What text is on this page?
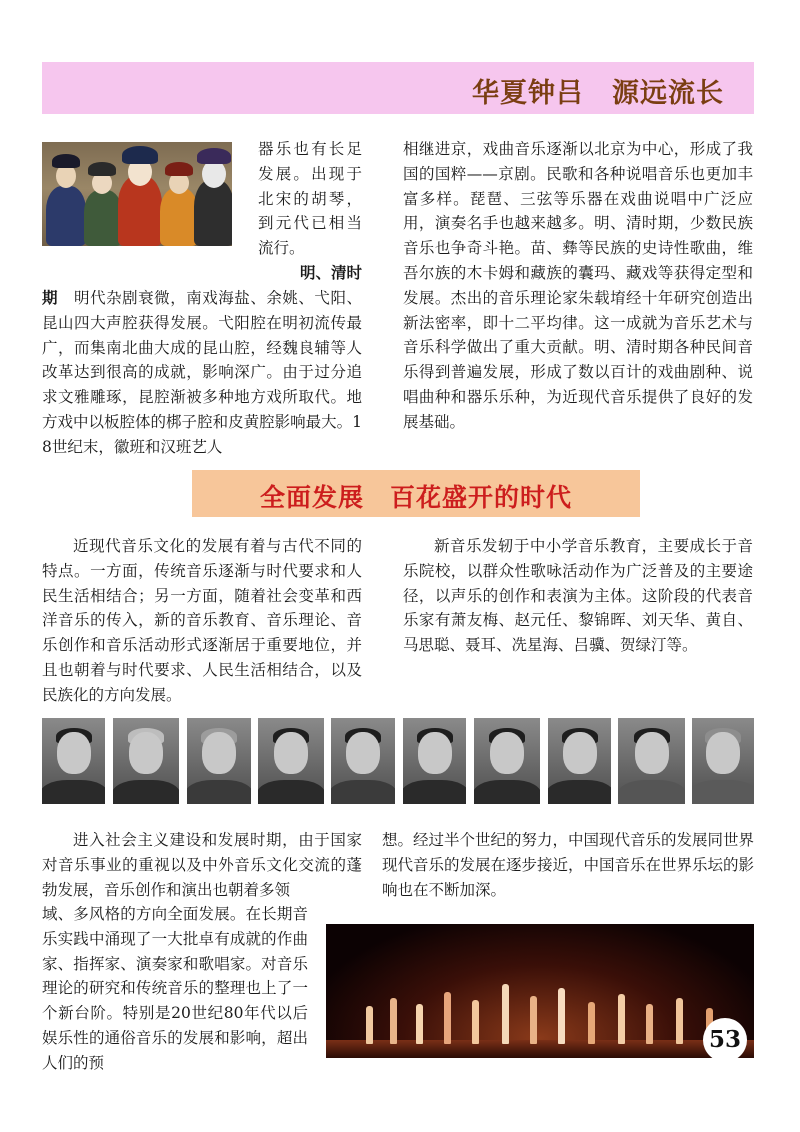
华夏钟吕　源远流长

器乐也有长足发展。出现于北宋的胡琴，到元代已相当流行。

明、清时

期  明代杂剧衰微，南戏海盐、余姚、弋阳、昆山四大声腔获得发展。弋阳腔在明初流传最广，而集南北曲大成的昆山腔，经魏良辅等人改革达到很高的成就，影响深广。由于过分追求文雅雕琢，昆腔渐被多种地方戏所取代。地方戏中以板腔体的梆子腔和皮黄腔影响最大。18世纪末，徽班和汉班艺人

相继进京，戏曲音乐逐渐以北京为中心，形成了我国的国粹——京剧。民歌和各种说唱音乐也更加丰富多样。琵琶、三弦等乐器在戏曲说唱中广泛应用，演奏名手也越来越多。明、清时期，少数民族音乐也争奇斗艳。苗、彝等民族的史诗性歌曲，维吾尔族的木卡姆和藏族的囊玛、藏戏等获得定型和发展。杰出的音乐理论家朱载堉经十年研究创造出新法密率，即十二平均律。这一成就为音乐艺术与音乐科学做出了重大贡献。明、清时期各种民间音乐得到普遍发展，形成了数以百计的戏曲剧种、说唱曲种和器乐乐种，为近现代音乐提供了良好的发展基础。

全面发展　百花盛开的时代

近现代音乐文化的发展有着与古代不同的特点。一方面，传统音乐逐渐与时代要求和人民生活相结合；另一方面，随着社会变革和西洋音乐的传入，新的音乐教育、音乐理论、音乐创作和音乐活动形式逐渐居于重要地位，并且也朝着与时代要求、人民生活相结合，以及民族化的方向发展。

新音乐发轫于中小学音乐教育，主要成长于音乐院校，以群众性歌咏活动作为广泛普及的主要途径，以声乐的创作和表演为主体。这阶段的代表音乐家有萧友梅、赵元任、黎锦晖、刘天华、黄自、马思聪、聂耳、冼星海、吕骥、贺绿汀等。

进入社会主义建设和发展时期，由于国家对音乐事业的重视以及中外音乐文化交流的蓬勃发展，音乐创作和演出也朝着多领

域、多风格的方向全面发展。在长期音乐实践中涌现了一大批卓有成就的作曲家、指挥家、演奏家和歌唱家。对音乐理论的研究和传统音乐的整理也上了一个新台阶。特别是20世纪80年代以后娱乐性的通俗音乐的发展和影响，超出人们的预

想。经过半个世纪的努力，中国现代音乐的发展同世界现代音乐的发展在逐步接近，中国音乐在世界乐坛的影响也在不断加深。

53
